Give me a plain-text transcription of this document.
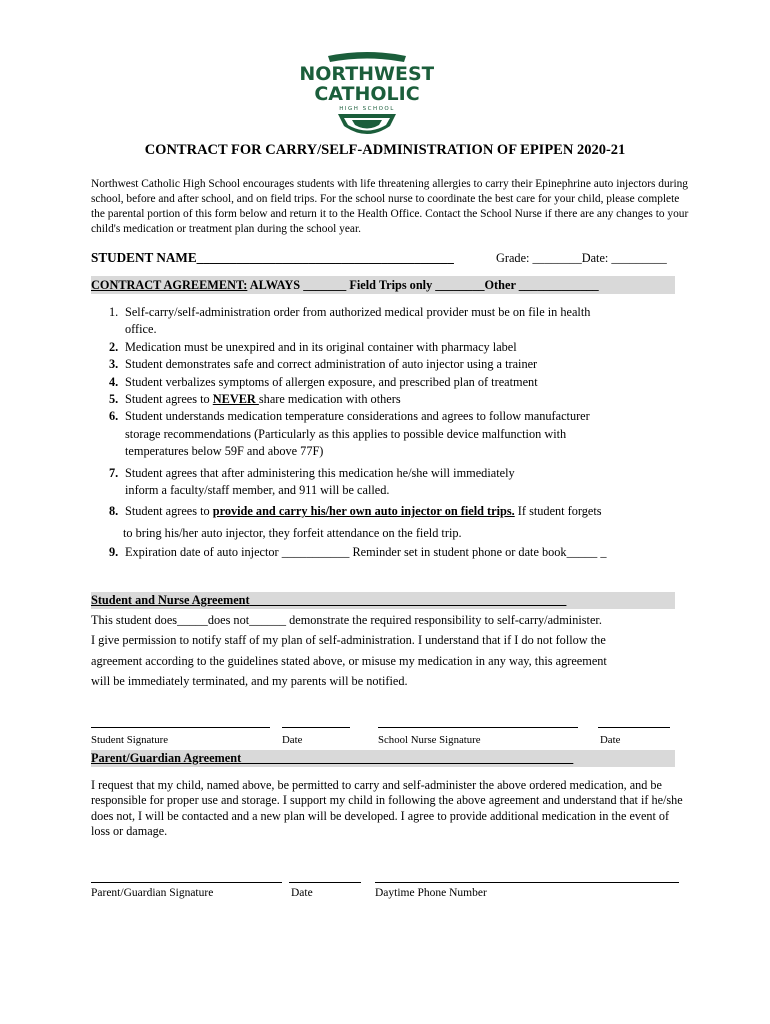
NORTHWEST
CATHOLIC
HIGH SCHOOL
CONTRACT FOR CARRY/SELF-ADMINISTRATION OF EPIPEN 2020-21
Northwest Catholic High School encourages students with life threatening allergies to carry their Epinephrine auto injectors during school, before and after school, and on field trips. For the school nurse to coordinate the best care for your child, please complete the parental portion of this form below and return it to the Health Office. Contact the School Nurse if there are any changes to your child's medication or treatment plan during the school year.
STUDENT NAME_______________________________________	Grade: ________Date: _________
CONTRACT AGREEMENT: ALWAYS _______ Field Trips only ________Other _____________
1. Self-carry/self-administration order from authorized medical provider must be on file in health
office.
2. Medication must be unexpired and in its original container with pharmacy label
3. Student demonstrates safe and correct administration of auto injector using a trainer
4. Student verbalizes symptoms of allergen exposure, and prescribed plan of treatment
5. Student agrees to NEVER share medication with others
6. Student understands medication temperature considerations and agrees to follow manufacturer
storage recommendations (Particularly as this applies to possible device malfunction with
temperatures below 59F and above 77F)
7. Student agrees that after administering this medication he/she will immediately
inform a faculty/staff member, and 911 will be called.
8. Student agrees to provide and carry his/her own auto injector on field trips. If student forgets
to bring his/her auto injector, they forfeit attendance on the field trip.
9. Expiration date of auto injector ___________ Reminder set in student phone or date book_____ _
Student and Nurse Agreement ___________________________________________________
This student does_____does not______ demonstrate the required responsibility to self-carry/administer.
I give permission to notify staff of my plan of self-administration. I understand that if I do not follow the
agreement according to the guidelines stated above, or misuse my medication in any way, this agreement
will be immediately terminated, and my parents will be notified.
Student Signature	Date	School Nurse Signature	Date
Parent/Guardian Agreement______________________________________________________
I request that my child, named above, be permitted to carry and self-administer the above ordered medication, and be responsible for proper use and storage. I support my child in following the above agreement and understand that if he/she does not, I will be contacted and a new plan will be developed. I agree to provide additional medication in the event of loss or damage.
Parent/Guardian Signature	Date	Daytime Phone Number
